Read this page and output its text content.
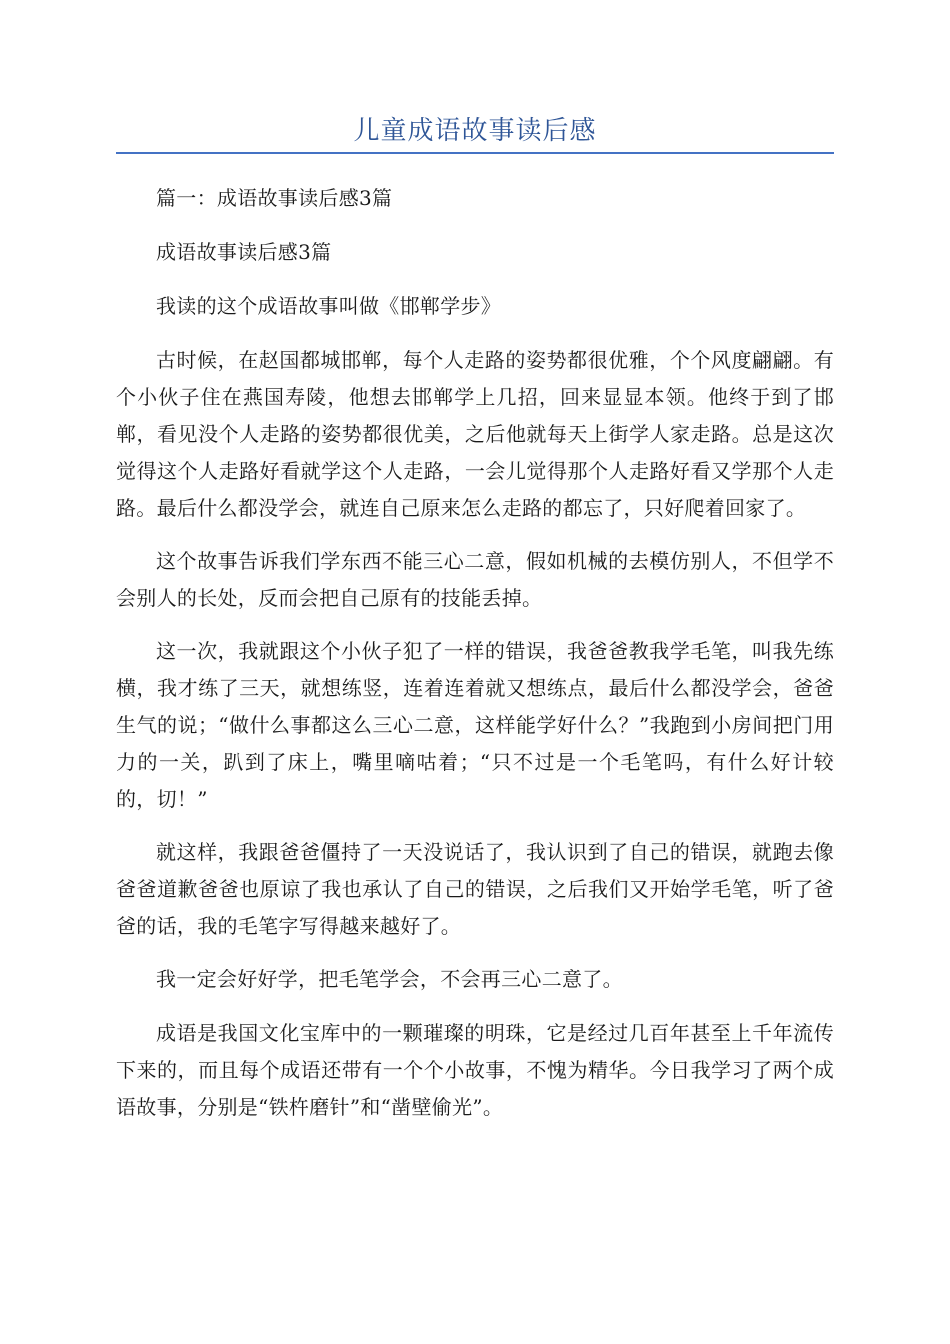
儿童成语故事读后感

篇一：成语故事读后感3篇

成语故事读后感3篇

我读的这个成语故事叫做《邯郸学步》

古时候，在赵国都城邯郸，每个人走路的姿势都很优雅，个个风度翩翩。有个小伙子住在燕国寿陵，他想去邯郸学上几招，回来显显本领。他终于到了邯郸，看见没个人走路的姿势都很优美，之后他就每天上街学人家走路。总是这次觉得这个人走路好看就学这个人走路，一会儿觉得那个人走路好看又学那个人走路。最后什么都没学会，就连自己原来怎么走路的都忘了，只好爬着回家了。

这个故事告诉我们学东西不能三心二意，假如机械的去模仿别人，不但学不会别人的长处，反而会把自己原有的技能丢掉。

这一次，我就跟这个小伙子犯了一样的错误，我爸爸教我学毛笔，叫我先练横，我才练了三天，就想练竖，连着连着就又想练点，最后什么都没学会，爸爸生气的说；“做什么事都这么三心二意，这样能学好什么？”我跑到小房间把门用力的一关，趴到了床上，嘴里嘀咕着；“只不过是一个毛笔吗，有什么好计较的，切！”

就这样，我跟爸爸僵持了一天没说话了，我认识到了自己的错误，就跑去像爸爸道歉爸爸也原谅了我也承认了自己的错误，之后我们又开始学毛笔，听了爸爸的话，我的毛笔字写得越来越好了。

我一定会好好学，把毛笔学会，不会再三心二意了。

成语是我国文化宝库中的一颗璀璨的明珠，它是经过几百年甚至上千年流传下来的，而且每个成语还带有一个个小故事，不愧为精华。今日我学习了两个成语故事，分别是“铁杵磨针”和“凿壁偷光”。
